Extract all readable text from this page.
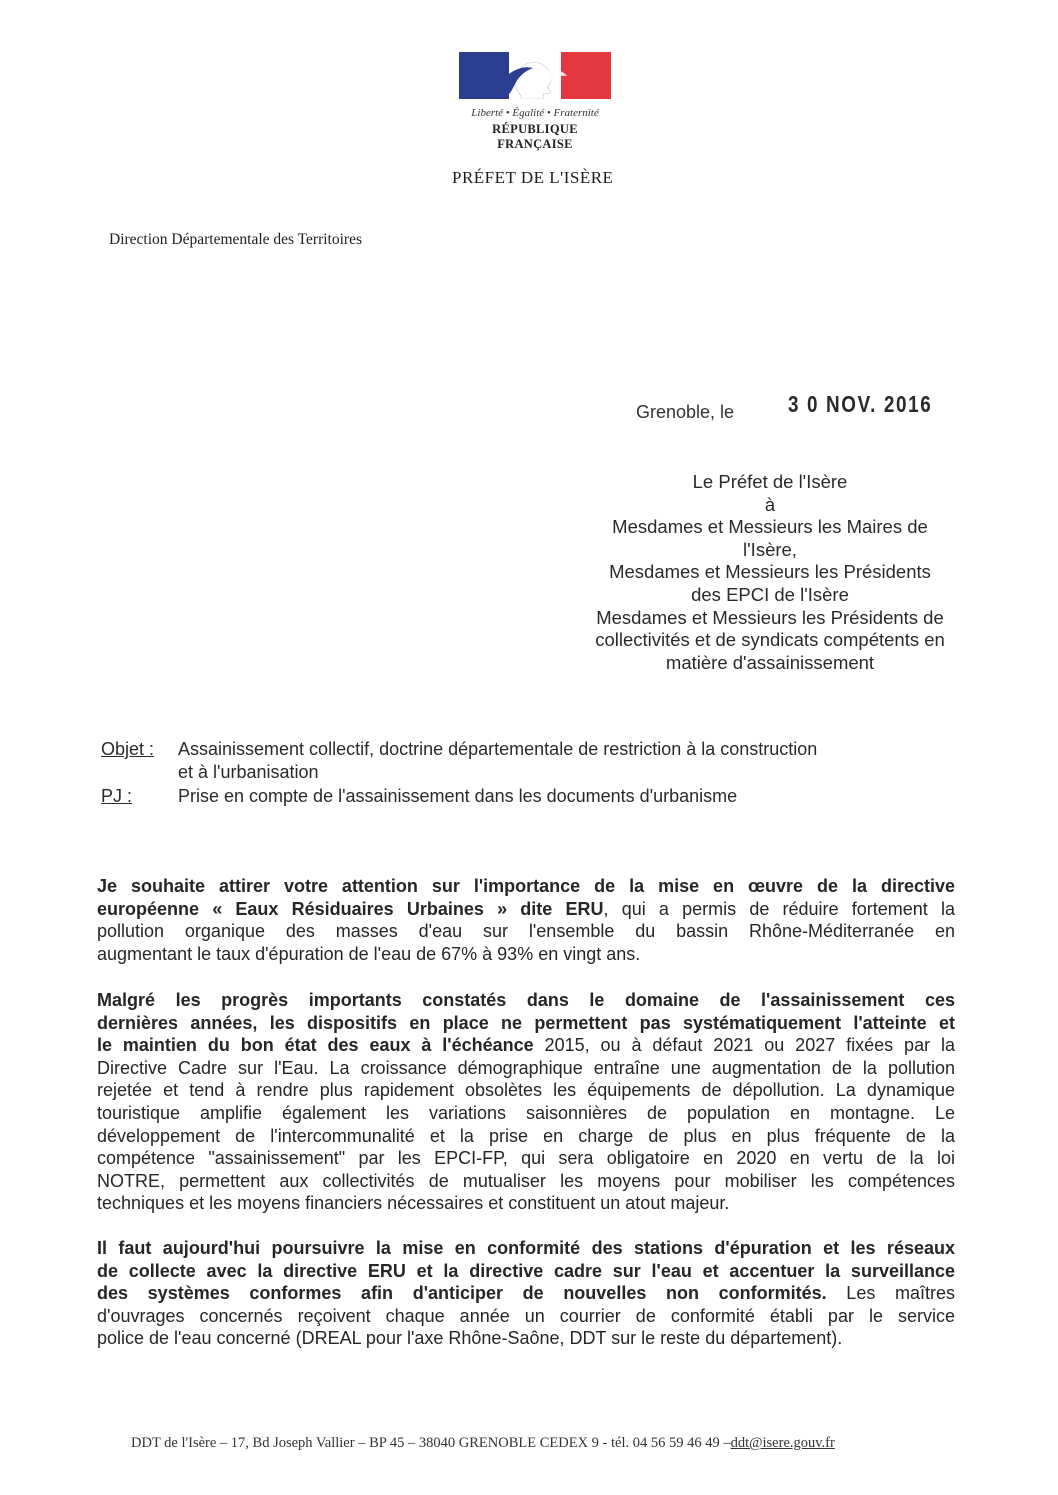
Liberté • Égalité • Fraternité
RÉPUBLIQUE FRANÇAISE
PRÉFET DE L'ISÈRE
Direction Départementale des Territoires
Grenoble, le 3 0 NOV. 2016
Le Préfet de l'Isère
à
Mesdames et Messieurs les Maires de
l'Isère,
Mesdames et Messieurs les Présidents
des EPCI de l'Isère
Mesdames et Messieurs les Présidents de
collectivités et de syndicats compétents en
matière d'assainissement
Objet : Assainissement collectif, doctrine départementale de restriction à la construction
et à l'urbanisation
PJ :	Prise en compte de l'assainissement dans les documents d'urbanisme
Je souhaite attirer votre attention sur l'importance de la mise en œuvre de la directive
européenne « Eaux Résiduaires Urbaines » dite ERU, qui a permis de réduire fortement la
pollution organique des masses d'eau sur l'ensemble du bassin Rhône-Méditerranée en
augmentant le taux d'épuration de l'eau de 67% à 93% en vingt ans.
Malgré les progrès importants constatés dans le domaine de l'assainissement ces
dernières années, les dispositifs en place ne permettent pas systématiquement l'atteinte et
le maintien du bon état des eaux à l'échéance 2015, ou à défaut 2021 ou 2027 fixées par la
Directive Cadre sur l'Eau. La croissance démographique entraîne une augmentation de la pollution
rejetée et tend à rendre plus rapidement obsolètes les équipements de dépollution. La dynamique
touristique amplifie également les variations saisonnières de population en montagne. Le
développement de l'intercommunalité et la prise en charge de plus en plus fréquente de la
compétence "assainissement" par les EPCI-FP, qui sera obligatoire en 2020 en vertu de la loi
NOTRE, permettent aux collectivités de mutualiser les moyens pour mobiliser les compétences
techniques et les moyens financiers nécessaires et constituent un atout majeur.
Il faut aujourd'hui poursuivre la mise en conformité des stations d'épuration et les réseaux
de collecte avec la directive ERU et la directive cadre sur l'eau et accentuer la surveillance
des systèmes conformes afin d'anticiper de nouvelles non conformités. Les maîtres
d'ouvrages concernés reçoivent chaque année un courrier de conformité établi par le service
police de l'eau concerné (DREAL pour l'axe Rhône-Saône, DDT sur le reste du département).
DDT de l'Isère – 17, Bd Joseph Vallier – BP 45 – 38040 GRENOBLE CEDEX 9 - tél. 04 56 59 46 49 –ddt@isere.gouv.fr
